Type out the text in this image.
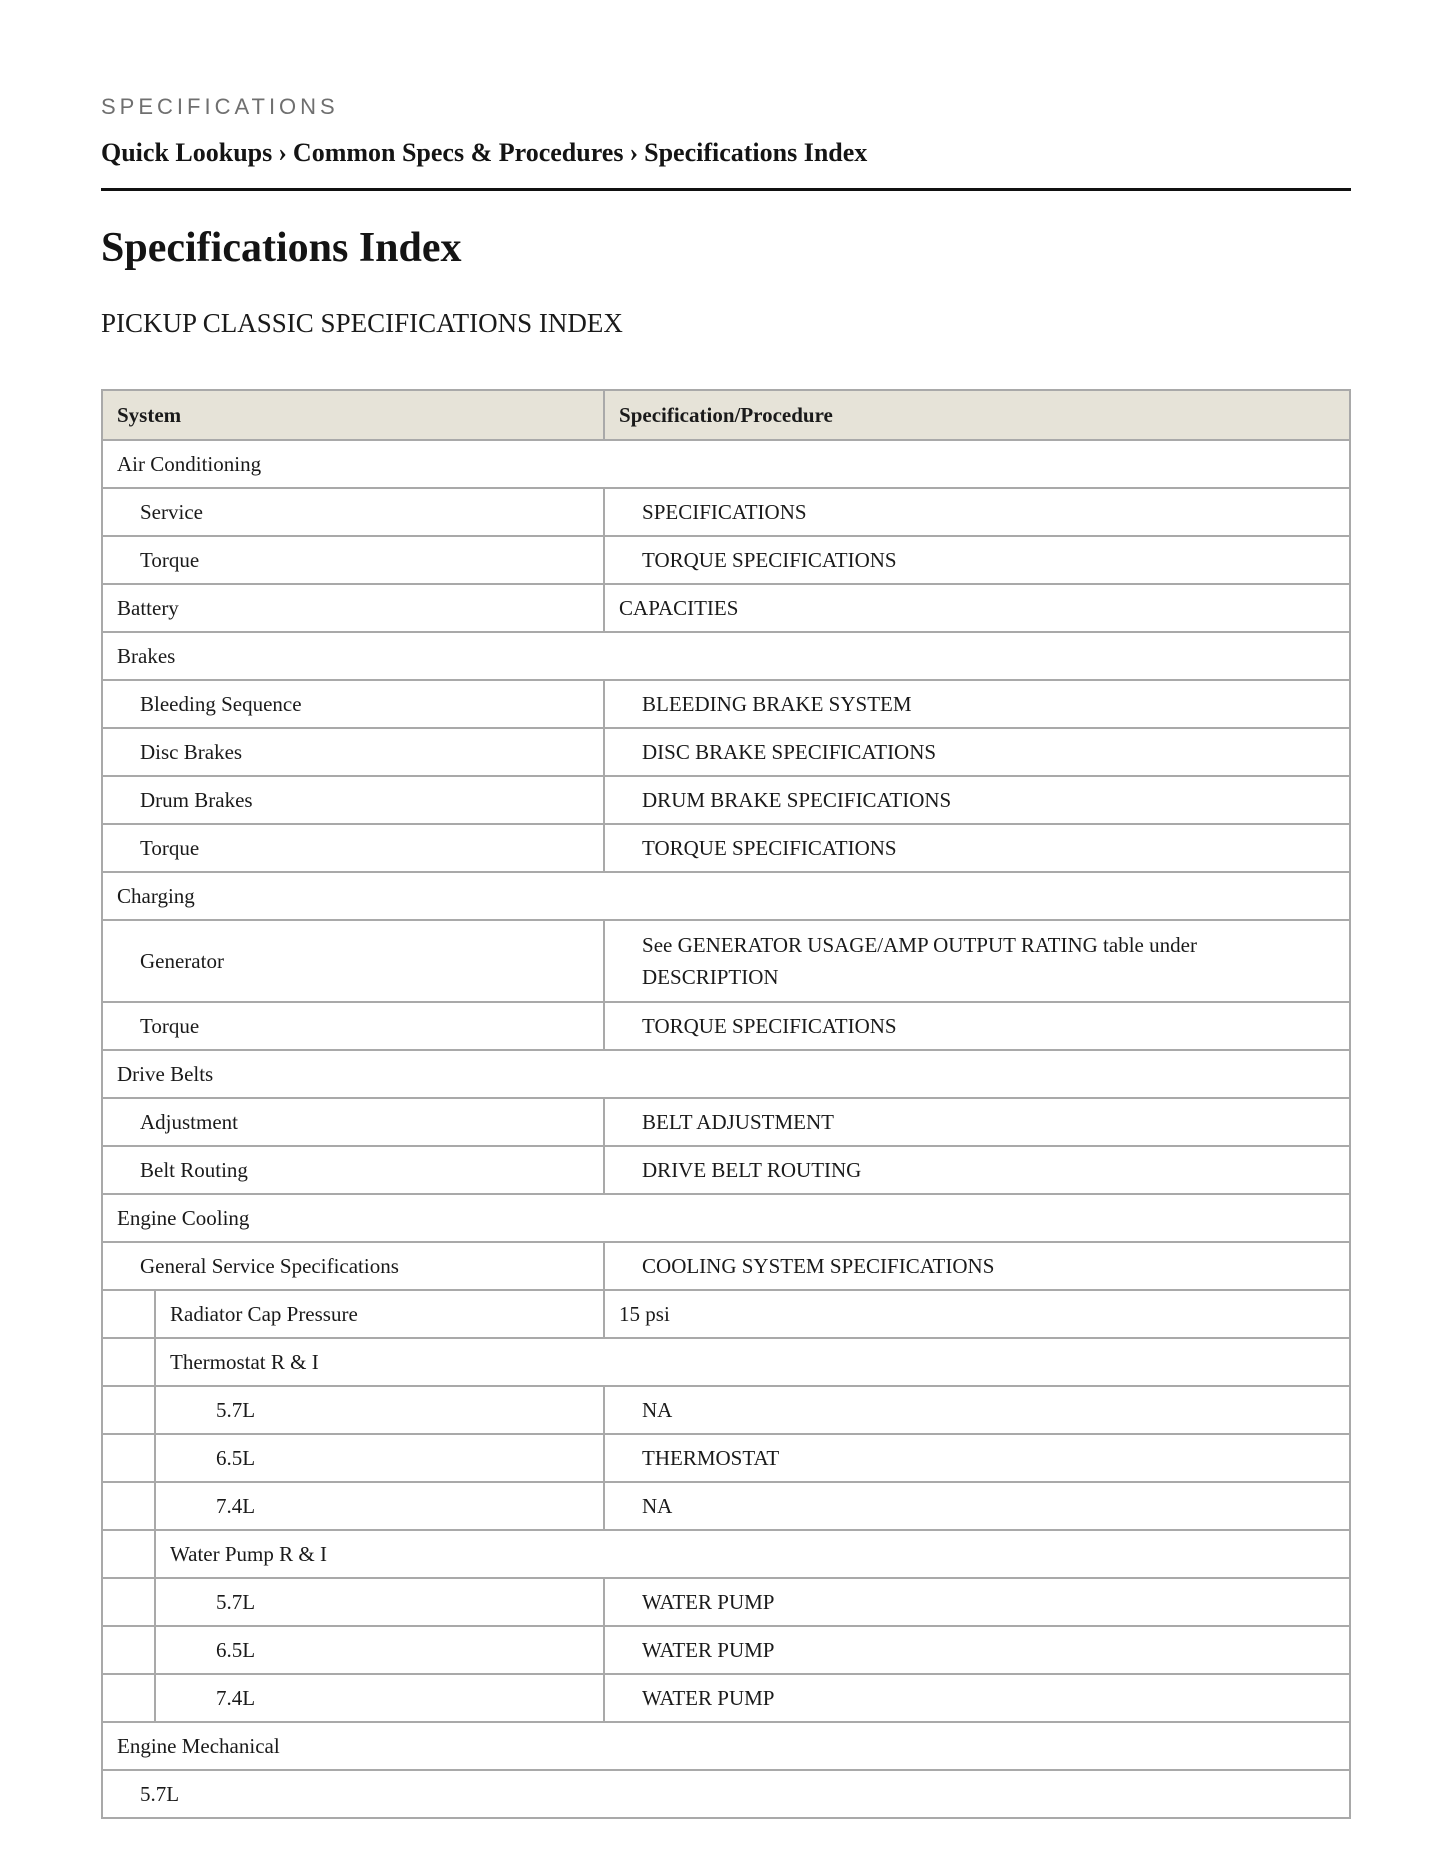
SPECIFICATIONS
Quick Lookups › Common Specs & Procedures › Specifications Index
Specifications Index
PICKUP CLASSIC SPECIFICATIONS INDEX
System		Specification/Procedure
Air Conditioning		
Service		SPECIFICATIONS
Torque		TORQUE SPECIFICATIONS
Battery		CAPACITIES
Brakes		
Bleeding Sequence		BLEEDING BRAKE SYSTEM
Disc Brakes		DISC BRAKE SPECIFICATIONS
Drum Brakes		DRUM BRAKE SPECIFICATIONS
Torque		TORQUE SPECIFICATIONS
Charging		
Generator		See GENERATOR USAGE/AMP OUTPUT RATING table under DESCRIPTION
Torque		TORQUE SPECIFICATIONS
Drive Belts		
Adjustment		BELT ADJUSTMENT
Belt Routing		DRIVE BELT ROUTING
Engine Cooling		
General Service Specifications		COOLING SYSTEM SPECIFICATIONS
	Radiator Cap Pressure	15 psi
	Thermostat R & I	
	5.7L	NA
	6.5L	THERMOSTAT
	7.4L	NA
	Water Pump R & I	
	5.7L	WATER PUMP
	6.5L	WATER PUMP
	7.4L	WATER PUMP
Engine Mechanical		
5.7L		
